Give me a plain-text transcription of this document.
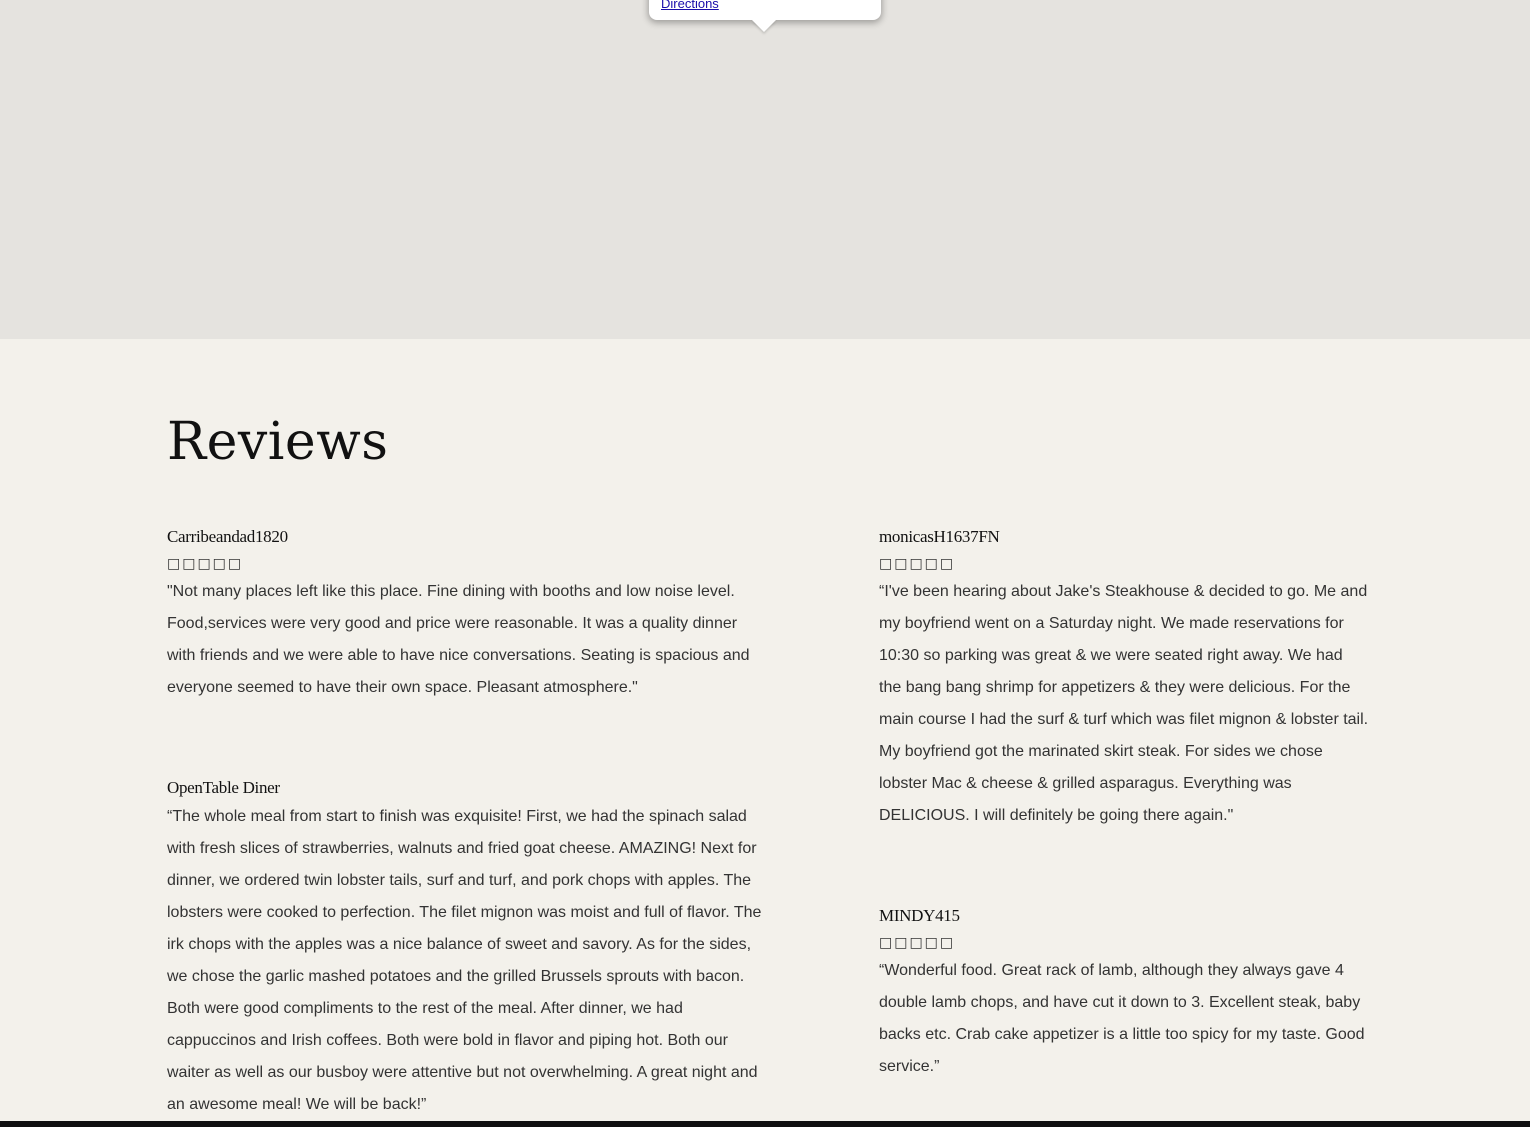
Directions
Reviews

Carribeandad1820

□□□□□
"Not many places left like this place. Fine dining with booths and low noise level. Food,services were very good and price were reasonable. It was a quality dinner with friends and we were able to have nice conversations. Seating is spacious and everyone seemed to have their own space. Pleasant atmosphere."

monicasH1637FN

□□□□□
“I've been hearing about Jake's Steakhouse & decided to go. Me and my boyfriend went on a Saturday night. We made reservations for 10:30 so parking was great & we were seated right away. We had the bang bang shrimp for appetizers & they were delicious. For the main course I had the surf & turf which was filet mignon & lobster tail. My boyfriend got the marinated skirt steak. For sides we chose lobster Mac & cheese & grilled asparagus. Everything was DELICIOUS. I will definitely be going there again."

OpenTable Diner

“The whole meal from start to finish was exquisite! First, we had the spinach salad with fresh slices of strawberries, walnuts and fried goat cheese. AMAZING! Next for dinner, we ordered twin lobster tails, surf and turf, and pork chops with apples. The lobsters were cooked to perfection. The filet mignon was moist and full of flavor. The irk chops with the apples was a nice balance of sweet and savory. As for the sides, we chose the garlic mashed potatoes and the grilled Brussels sprouts with bacon. Both were good compliments to the rest of the meal. After dinner, we had cappuccinos and Irish coffees. Both were bold in flavor and piping hot. Both our waiter as well as our busboy were attentive but not overwhelming. A great night and an awesome meal! We will be back!”

MINDY415

□□□□□
“Wonderful food. Great rack of lamb, although they always gave 4 double lamb chops, and have cut it down to 3. Excellent steak, baby backs etc. Crab cake appetizer is a little too spicy for my taste. Good service.”
